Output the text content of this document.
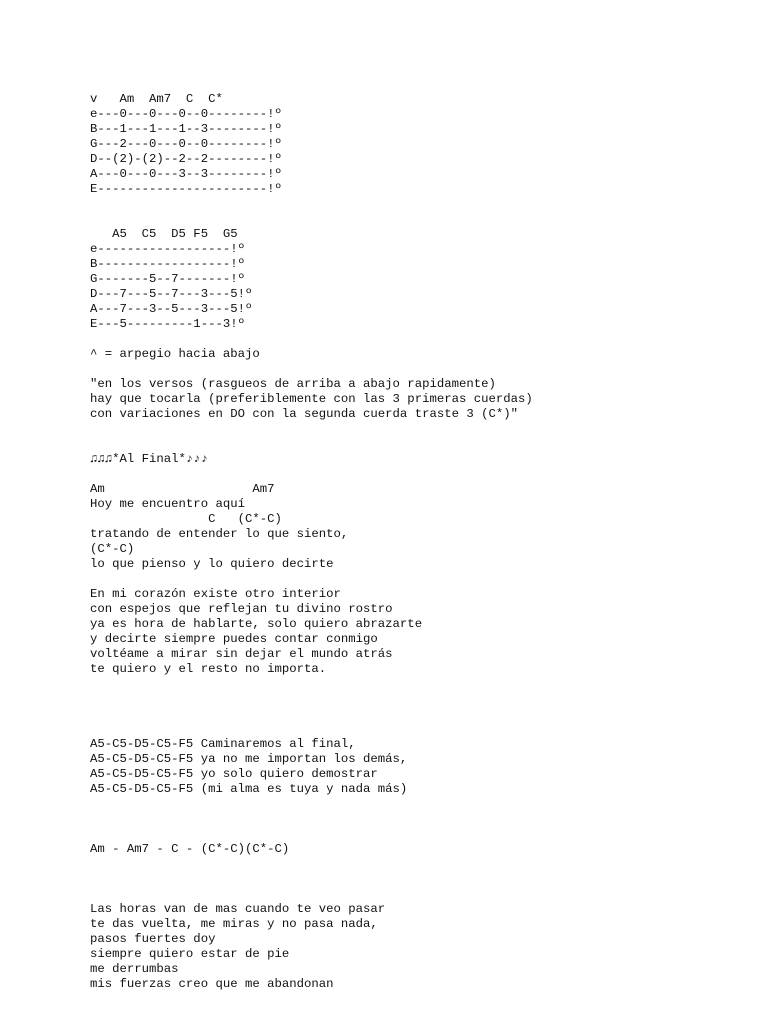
v   Am  Am7  C  C*
e---0---0---0--0--------!º
B---1---1---1--3--------!º
G---2---0---0--0--------!º
D--(2)-(2)--2--2--------!º
A---0---0---3--3--------!º
E-----------------------!º
A5  C5  D5 F5  G5
e------------------!º
B------------------!º
G-------5--7-------!º
D---7---5--7---3---5!º
A---7---3--5---3---5!º
E---5---------1---3!º
^ = arpegio hacia abajo
"en los versos (rasgueos de arriba a abajo rapidamente)
hay que tocarla (preferiblemente con las 3 primeras cuerdas)
con variaciones en DO con la segunda cuerda traste 3 (C*)"
♫♫♫*Al Final*♪♪♪
Am                    Am7
Hoy me encuentro aquí
C   (C*-C)
tratando de entender lo que siento,
(C*-C)
lo que pienso y lo quiero decirte
En mi corazón existe otro interior
con espejos que reflejan tu divino rostro
ya es hora de hablarte, solo quiero abrazarte
y decirte siempre puedes contar conmigo
voltéame a mirar sin dejar el mundo atrás
te quiero y el resto no importa.
A5-C5-D5-C5-F5 Caminaremos al final,
A5-C5-D5-C5-F5 ya no me importan los demás,
A5-C5-D5-C5-F5 yo solo quiero demostrar
A5-C5-D5-C5-F5 (mi alma es tuya y nada más)
Am - Am7 - C - (C*-C)(C*-C)
Las horas van de mas cuando te veo pasar
te das vuelta, me miras y no pasa nada,
pasos fuertes doy
siempre quiero estar de pie
me derrumbas
mis fuerzas creo que me abandonan
